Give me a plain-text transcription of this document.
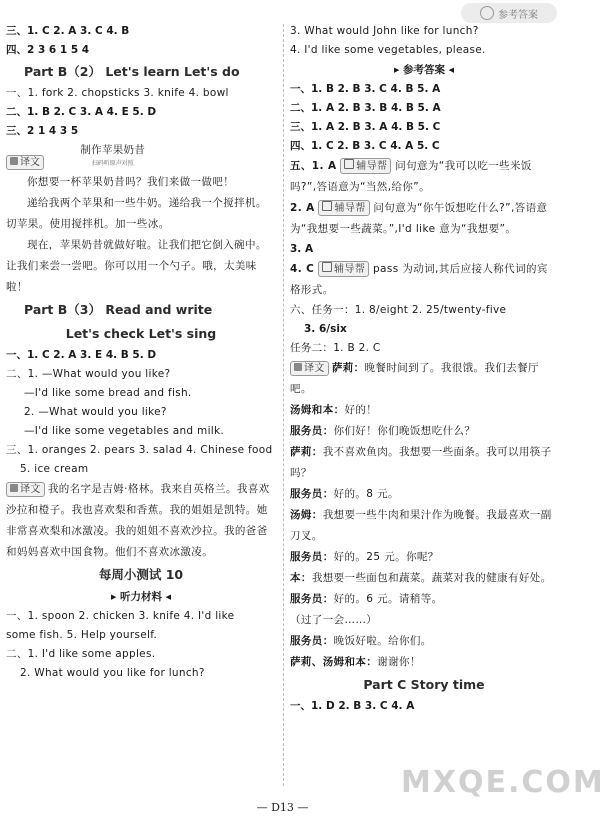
参考答案
三、1. C 2. A 3. C 4. B
四、2 3 6 1 5 4
Part B（2） Let's learn Let's do
一、1. fork 2. chopsticks 3. knife 4. bowl
二、1. B 2. C 3. A 4. E 5. D
三、2 1 4 3 5
译文 制作苹果奶昔
扫码听原声对照
你想要一杯苹果奶昔吗？我们来做一做吧！
递给我两个苹果和一些牛奶。递给我一个搅拌机。切苹果。使用搅拌机。加一些冰。
现在，苹果奶昔就做好啦。让我们把它倒入碗中。让我们来尝一尝吧。你可以用一个勺子。哦，太美味啦！
Part B（3） Read and write
Let's check Let's sing
一、1. C 2. A 3. E 4. B 5. D
二、1. —What would you like?
—I'd like some bread and fish.
2. —What would you like?
—I'd like some vegetables and milk.
三、1. oranges 2. pears 3. salad 4. Chinese food
5. ice cream
译文 我的名字是吉姆·格林。我来自英格兰。我喜欢沙拉和橙子。我也喜欢梨和香蕉。我的姐姐是凯特。她非常喜欢梨和冰激凌。我的姐姐不喜欢沙拉。我的爸爸和妈妈喜欢中国食物。他们不喜欢冰激凌。
每周小测试 10
▶ 听力材料 ◀
一、1. spoon 2. chicken 3. knife 4. I'd like
some fish. 5. Help yourself.
二、1. I'd like some apples.
2. What would you like for lunch?
3. What would John like for lunch?
4. I'd like some vegetables, please.
▶ 参考答案 ◀
一、1. B 2. B 3. C 4. B 5. A
二、1. A 2. B 3. B 4. B 5. A
三、1. A 2. B 3. A 4. B 5. C
四、1. C 2. B 3. C 4. A 5. C
五、1. A 辅导帮 问句意为“我可以吃一些米饭吗?”,答语意为“当然,给你”。
2. A 辅导帮 问句意为“你午饭想吃什么?”,答语意为“我想要一些蔬菜。”,I'd like 意为“我想要”。
3. A
4. C 辅导帮 pass 为动词,其后应接人称代词的宾格形式。
六、任务一：1. 8/eight 2. 25/twenty-five
3. 6/six
任务二：1. B 2. C
译文 萨莉：晚餐时间到了。我很饿。我们去餐厅吧。
汤姆和本：好的！
服务员：你们好！你们晚饭想吃什么？
萨莉：我不喜欢鱼肉。我想要一些面条。我可以用筷子吗？
服务员：好的。8 元。
汤姆：我想要一些牛肉和果汁作为晚餐。我最喜欢一副刀叉。
服务员：好的。25 元。你呢？
本：我想要一些面包和蔬菜。蔬菜对我的健康有好处。
服务员：好的。6 元。请稍等。
（过了一会……）
服务员：晚饭好啦。给你们。
萨莉、汤姆和本：谢谢你！
Part C Story time
一、1. D 2. B 3. C 4. A
MXQE.COM
— D13 —
